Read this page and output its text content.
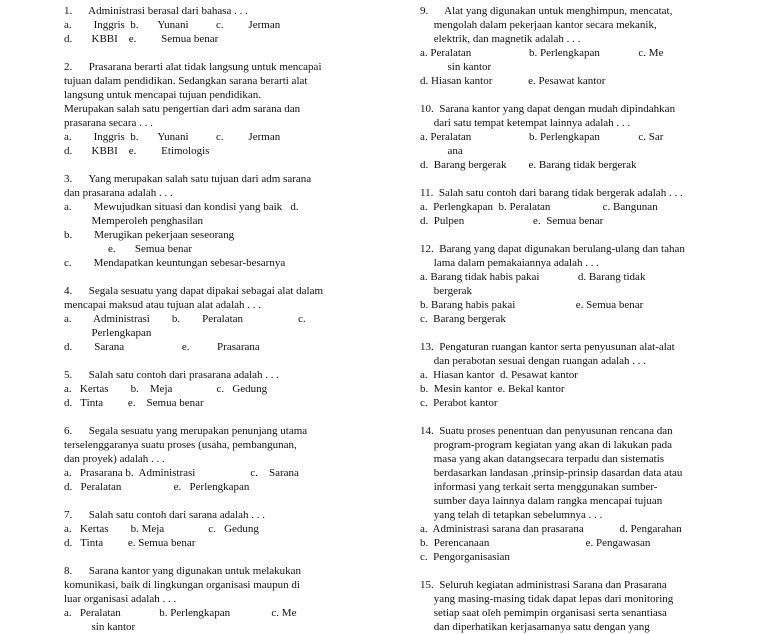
1.      Administrasi berasal dari bahasa . . .
a.        Inggris  b.       Yunani          c.         Jerman
d.       KBBI    e.         Semua benar
2.      Prasarana berarti alat tidak langsung untuk mencapai
tujuan dalam pendidikan. Sedangkan sarana berarti alat
langsung untuk mencapai tujuan pendidikan.
Merupakan salah satu pengertian dari adm sarana dan
prasarana secara . . .
a.        Inggris  b.       Yunani          c.         Jerman
d.       KBBI    e.         Etimologis
3.      Yang merupakan salah satu tujuan dari adm sarana
dan prasarana adalah . . .
a.        Mewujudkan situasi dan kondisi yang baik   d.
Memperoleh penghasilan
b.        Merugikan pekerjaan seseorang
e.       Semua benar
c.        Mendapatkan keuntungan sebesar-besarnya
4.      Segala sesuatu yang dapat dipakai sebagai alat dalam
mencapai maksud atau tujuan alat adalah . . .
a.        Administrasi        b.        Peralatan                    c.
Perlengkapan
d.        Sarana                     e.          Prasarana
5.      Salah satu contoh dari prasarana adalah . . .
a.   Kertas        b.    Meja                c.   Gedung
d.   Tinta         e.    Semua benar
6.      Segala sesuatu yang merupakan penunjang utama
terselenggaranya suatu proses (usaha, pembangunan,
dan proyek) adalah . . .
a.   Prasarana b.  Administrasi                    c.    Sarana
d.   Peralatan                   e.   Perlengkapan
7.      Salah satu contoh dari sarana adalah . . .
a.   Kertas        b. Meja                c.   Gedung
d.   Tinta         e. Semua benar
8.      Sarana kantor yang digunakan untuk melakukan
komunikasi, baik di lingkungan organisasi maupun di
luar organisasi adalah . . .
a.   Peralatan              b. Perlengkapan               c. Me
sin kantor
9.      Alat yang digunakan untuk menghimpun, mencatat,
mengolah dalam pekerjaan kantor secara mekanik,
elektrik, dan magnetik adalah . . .
a. Peralatan                     b. Perlengkapan              c. Me
sin kantor
d. Hiasan kantor             e. Pesawat kantor
10.  Sarana kantor yang dapat dengan mudah dipindahkan
dari satu tempat ketempat lainnya adalah . . .
a. Peralatan                     b. Perlengkapan              c. Sar
ana
d.  Barang bergerak        e. Barang tidak bergerak
11.  Salah satu contoh dari barang tidak bergerak adalah . . .
a.  Perlengkapan  b. Peralatan                   c. Bangunan
d.  Pulpen                         e.  Semua benar
12.  Barang yang dapat digunakan berulang-ulang dan tahan
lama dalam pemakaiannya adalah . . .
a. Barang tidak habis pakai              d. Barang tidak
bergerak
b. Barang habis pakai                      e. Semua benar
c.  Barang bergerak
13.  Pengaturan ruangan kantor serta penyusunan alat-alat
dan perabotan sesuai dengan ruangan adalah . . .
a.  Hiasan kantor  d. Pesawat kantor
b.  Mesin kantor  e. Bekal kantor
c.  Perabot kantor
14.  Suatu proses penentuan dan penyusunan rencana dan
program-program kegiatan yang akan di lakukan pada
masa yang akan datangsecara terpadu dan sistematis
berdasarkan landasan ,prinsip-prinsip dasardan data atau
informasi yang terkait serta menggunakan sumber-
sumber daya lainnya dalam rangka mencapai tujuan
yang telah di tetapkan sebelumnya . . .
a.  Administrasi sarana dan prasarana             d. Pengarahan
b.  Perencanaan                                   e. Pengawasan
c.  Pengorganisasian
15.  Seluruh kegiatan administrasi Sarana dan Prasarana
yang masing-masing tidak dapat lepas dari monitoring
setiap saat oleh pemimpin organisasi serta senantiasa
dan diperhatikan kerjasamanya satu dengan yang
